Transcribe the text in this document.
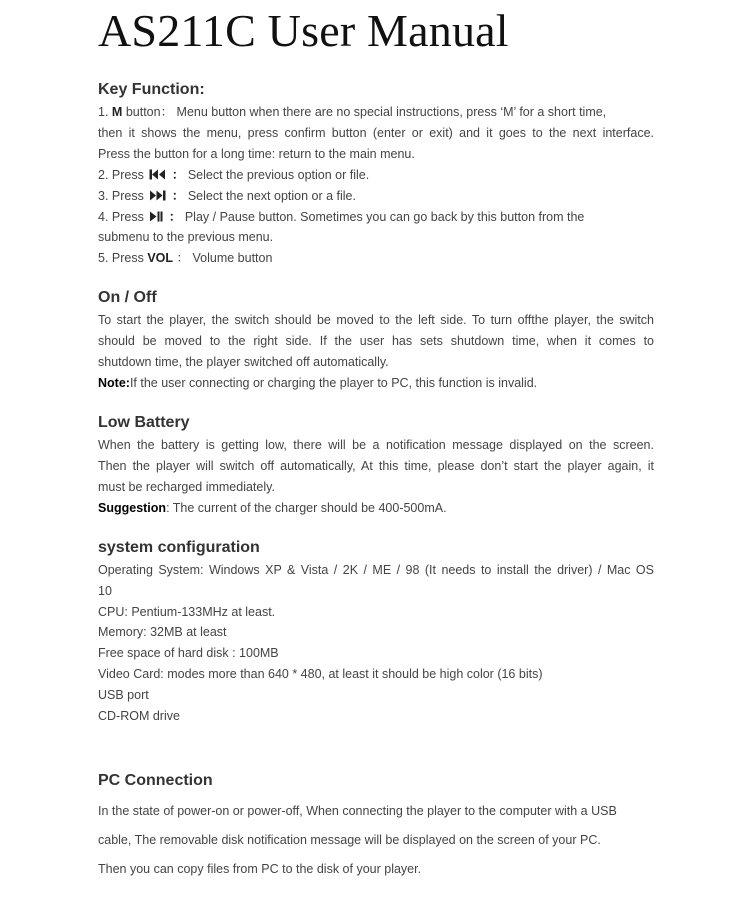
AS211C User Manual
Key Function:
1. M button： Menu button when there are no special instructions, press ‘M’ for a short time,
then it shows the menu, press confirm button (enter or exit) and it goes to the next interface.
Press the button for a long time: return to the main menu.
2. Press ： Select the previous option or file.
3. Press ： Select the next option or a file.
4. Press ： Play / Pause button. Sometimes you can go back by this button from the
submenu to the previous menu.
5. Press VOL ： Volume button
On / Off
To start the player, the switch should be moved to the left side. To turn offthe player, the switch
should be moved to the right side. If the user has sets shutdown time, when it comes to
shutdown time, the player switched off automatically.
Note:If the user connecting or charging the player to PC, this function is invalid.
Low Battery
When the battery is getting low, there will be a notification message displayed on the screen.
Then the player will switch off automatically, At this time, please don’t start the player again, it
must be recharged immediately.
Suggestion: The current of the charger should be 400-500mA.
system configuration
Operating System: Windows XP & Vista / 2K / ME / 98 (It needs to install the driver) / Mac OS
10
CPU: Pentium-133MHz at least.
Memory: 32MB at least
Free space of hard disk : 100MB
Video Card: modes more than 640 * 480, at least it should be high color (16 bits)
USB port
CD-ROM drive
PC Connection
In the state of power-on or power-off, When connecting the player to the computer with a USB
cable, The removable disk notification message will be displayed on the screen of your PC.
Then you can copy files from PC to the disk of your player.
